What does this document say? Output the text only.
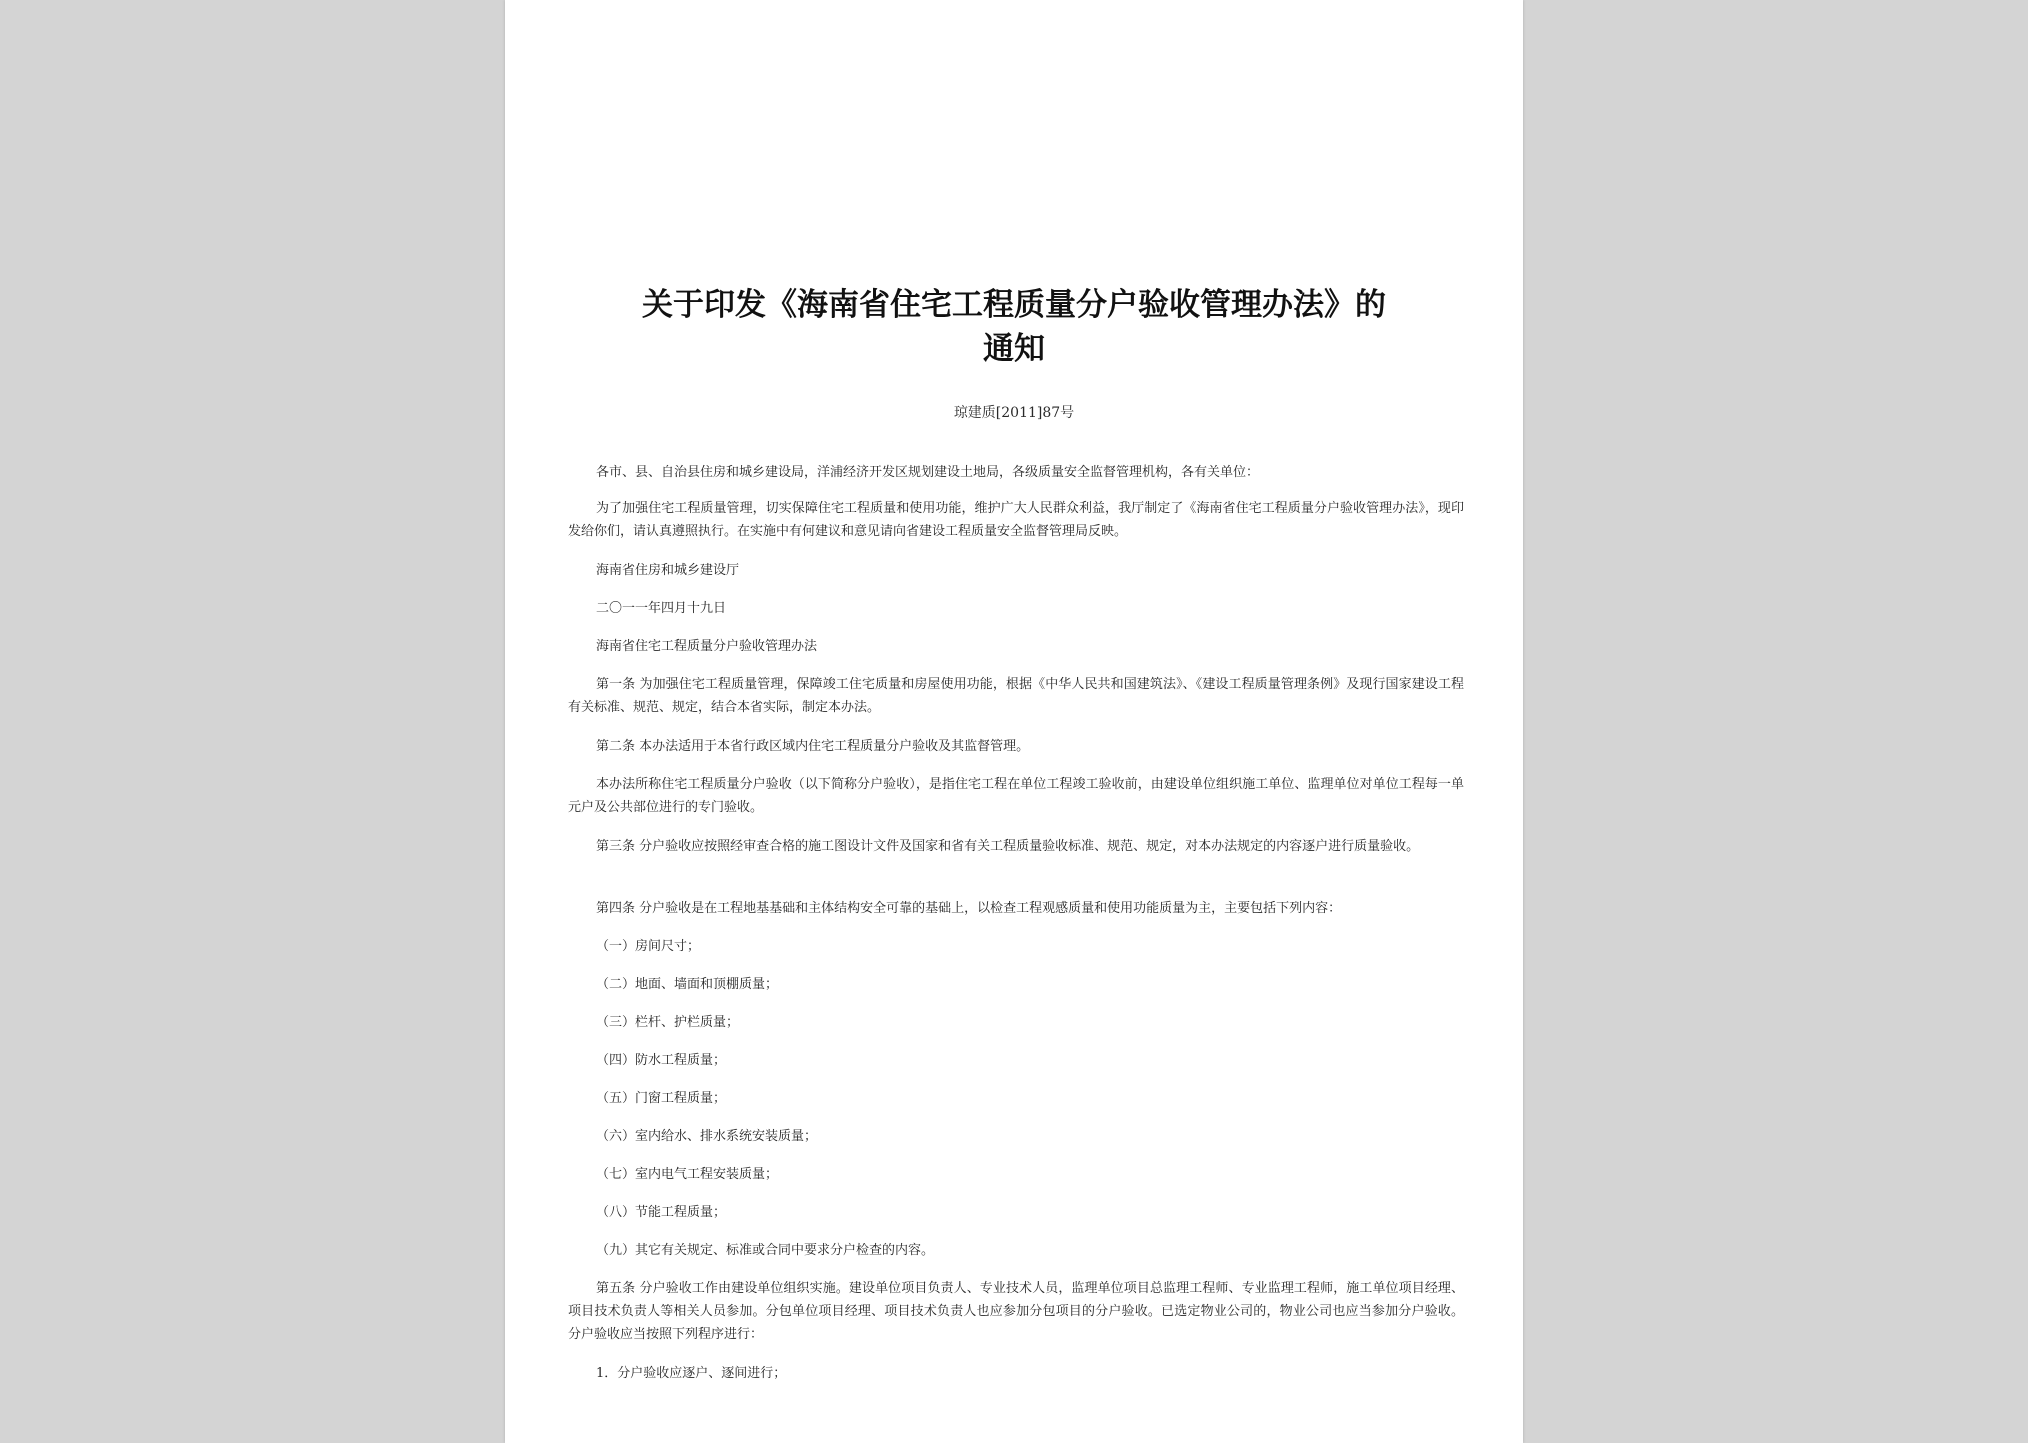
关于印发《海南省住宅工程质量分户验收管理办法》的
通知
琼建质[2011]87号

各市、县、自治县住房和城乡建设局，洋浦经济开发区规划建设土地局，各级质量安全监督管理机构，各有关单位：

为了加强住宅工程质量管理，切实保障住宅工程质量和使用功能，维护广大人民群众利益，我厅制定了《海南省住宅工程质量分户验收管理办法》，现印发给你们，请认真遵照执行。在实施中有何建议和意见请向省建设工程质量安全监督管理局反映。

海南省住房和城乡建设厅

二〇一一年四月十九日

海南省住宅工程质量分户验收管理办法

第一条 为加强住宅工程质量管理，保障竣工住宅质量和房屋使用功能，根据《中华人民共和国建筑法》、《建设工程质量管理条例》及现行国家建设工程有关标准、规范、规定，结合本省实际，制定本办法。

第二条 本办法适用于本省行政区域内住宅工程质量分户验收及其监督管理。

本办法所称住宅工程质量分户验收（以下简称分户验收），是指住宅工程在单位工程竣工验收前，由建设单位组织施工单位、监理单位对单位工程每一单元户及公共部位进行的专门验收。

第三条 分户验收应按照经审查合格的施工图设计文件及国家和省有关工程质量验收标准、规范、规定，对本办法规定的内容逐户进行质量验收。

第四条 分户验收是在工程地基基础和主体结构安全可靠的基础上，以检查工程观感质量和使用功能质量为主，主要包括下列内容：

（一）房间尺寸；

（二）地面、墙面和顶棚质量；

（三）栏杆、护栏质量；

（四）防水工程质量；

（五）门窗工程质量；

（六）室内给水、排水系统安装质量；

（七）室内电气工程安装质量；

（八）节能工程质量；

（九）其它有关规定、标准或合同中要求分户检查的内容。

第五条 分户验收工作由建设单位组织实施。建设单位项目负责人、专业技术人员，监理单位项目总监理工程师、专业监理工程师，施工单位项目经理、项目技术负责人等相关人员参加。分包单位项目经理、项目技术负责人也应参加分包项目的分户验收。已选定物业公司的，物业公司也应当参加分户验收。分户验收应当按照下列程序进行：

1．分户验收应逐户、逐间进行；
